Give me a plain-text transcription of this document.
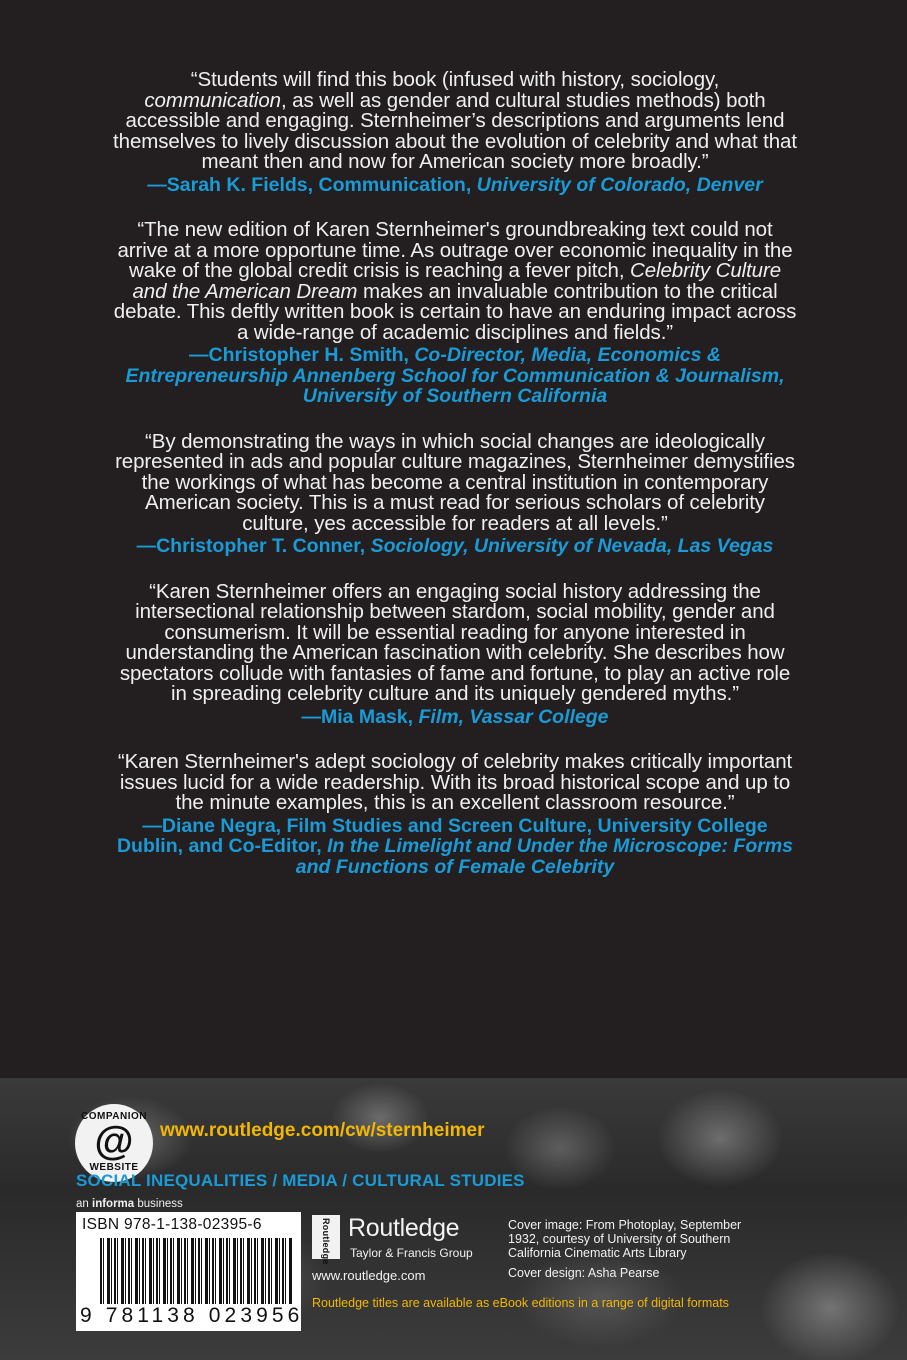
“Students will find this book (infused with history, sociology,
communication, as well as gender and cultural studies methods) both accessible and engaging. Sternheimer’s descriptions and arguments lend themselves to lively discussion about the evolution of celebrity and what that meant then and now for American society more broadly.”

—Sarah K. Fields, Communication, University of Colorado, Denver

“The new edition of Karen Sternheimer's groundbreaking text could not arrive at a more opportune time. As outrage over economic inequality in the wake of the global credit crisis is reaching a fever pitch, Celebrity Culture and the American Dream makes an invaluable contribution to the critical debate. This deftly written book is certain to have an enduring impact across a wide-range of academic disciplines and fields.”

—Christopher H. Smith, Co-Director, Media, Economics & Entrepreneurship Annenberg School for Communication & Journalism, University of Southern California

“By demonstrating the ways in which social changes are ideologically represented in ads and popular culture magazines, Sternheimer demystifies the workings of what has become a central institution in contemporary American society. This is a must read for serious scholars of celebrity culture, yes accessible for readers at all levels.”

—Christopher T. Conner, Sociology, University of Nevada, Las Vegas

“Karen Sternheimer offers an engaging social history addressing the intersectional relationship between stardom, social mobility, gender and consumerism. It will be essential reading for anyone interested in understanding the American fascination with celebrity. She describes how spectators collude with fantasies of fame and fortune, to play an active role in spreading celebrity culture and its uniquely gendered myths.”

—Mia Mask, Film, Vassar College

“Karen Sternheimer's adept sociology of celebrity makes critically important issues lucid for a wide readership. With its broad historical scope and up to the minute examples, this is an excellent classroom resource.”

—Diane Negra, Film Studies and Screen Culture, University College Dublin, and Co-Editor, In the Limelight and Under the Microscope: Forms and Functions of Female Celebrity

COMPANION
@
WEBSITE
www.routledge.com/cw/sternheimer
SOCIAL INEQUALITIES / MEDIA / CULTURAL STUDIES
an informa business
ISBN 978-1-138-02395-6
9 781138 023956
Routledge Routledge
Taylor & Francis Group
www.routledge.com
Cover image: From Photoplay, September 1932, courtesy of University of Southern California Cinematic Arts Library
Cover design: Asha Pearse
Routledge titles are available as eBook editions in a range of digital formats
